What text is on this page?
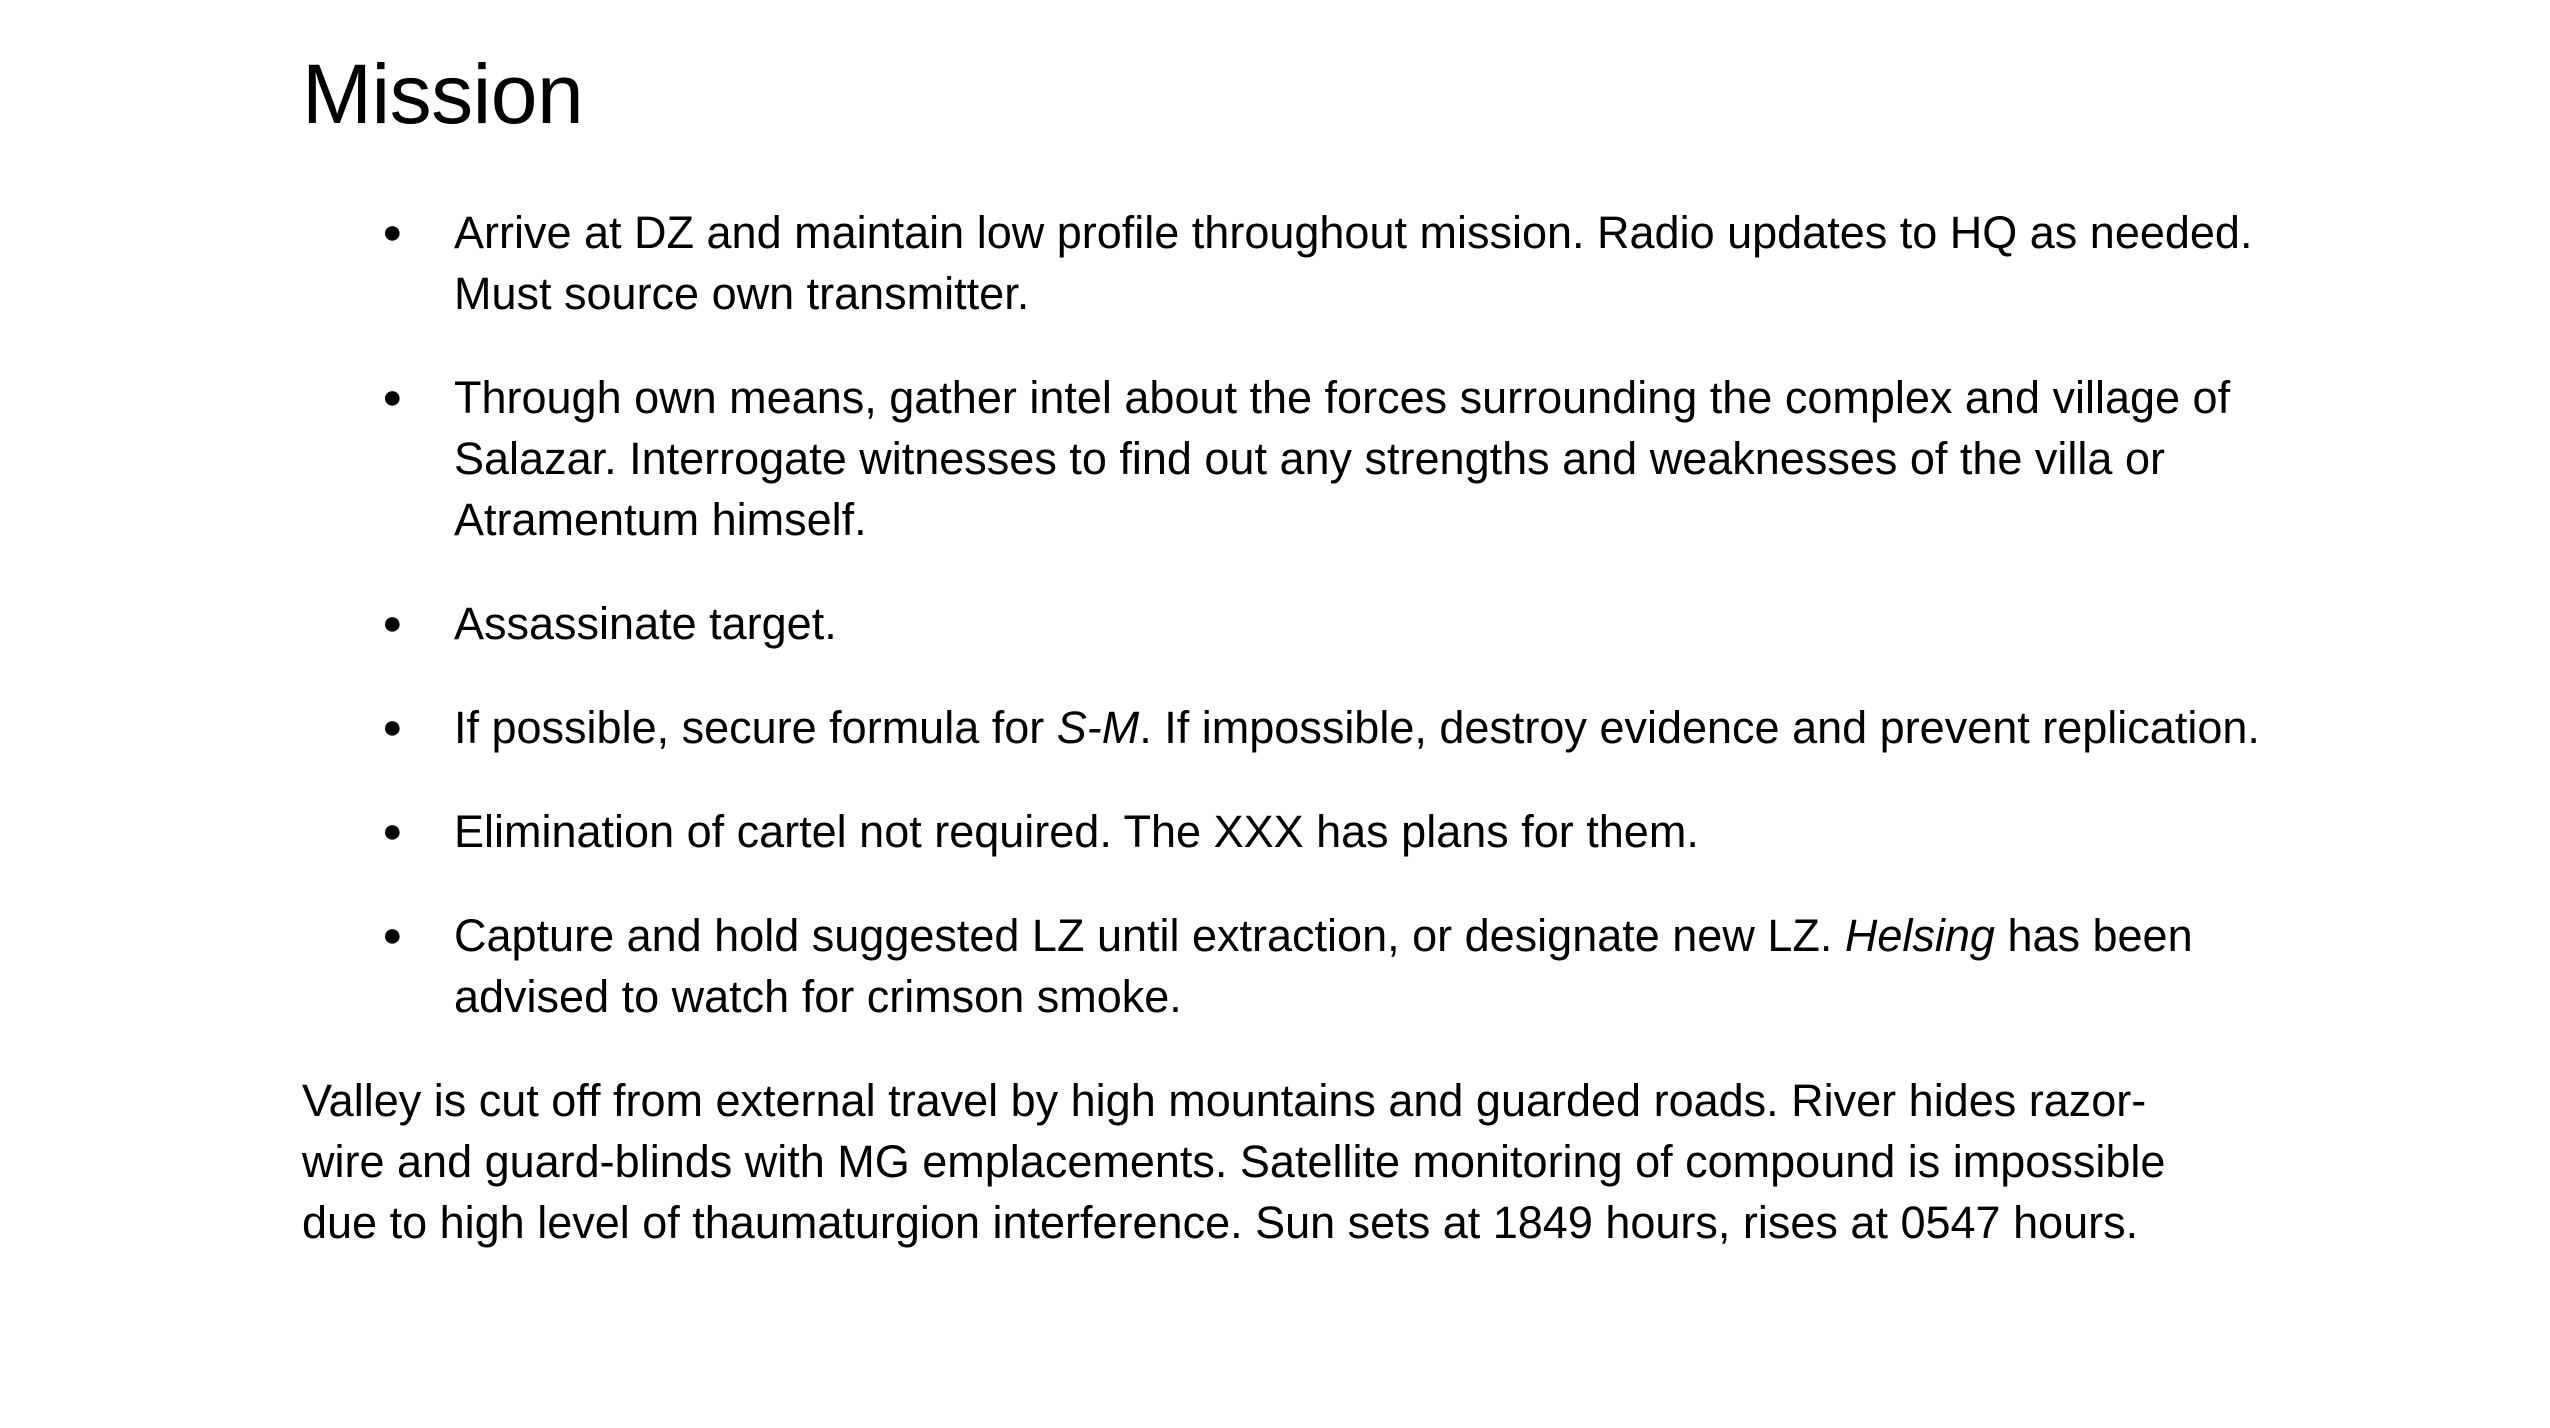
Mission
● Arrive at DZ and maintain low profile throughout mission. Radio updates to HQ as needed. Must source own transmitter.
● Through own means, gather intel about the forces surrounding the complex and village of Salazar. Interrogate witnesses to find out any strengths and weaknesses of the villa or Atramentum himself.
● Assassinate target.
● If possible, secure formula for S-M. If impossible, destroy evidence and prevent replication.
● Elimination of cartel not required. The XXX has plans for them.
● Capture and hold suggested LZ until extraction, or designate new LZ. Helsing has been advised to watch for crimson smoke.

Valley is cut off from external travel by high mountains and guarded roads. River hides razor-wire and guard-blinds with MG emplacements. Satellite monitoring of compound is impossible due to high level of thaumaturgion interference. Sun sets at 1849 hours, rises at 0547 hours.
